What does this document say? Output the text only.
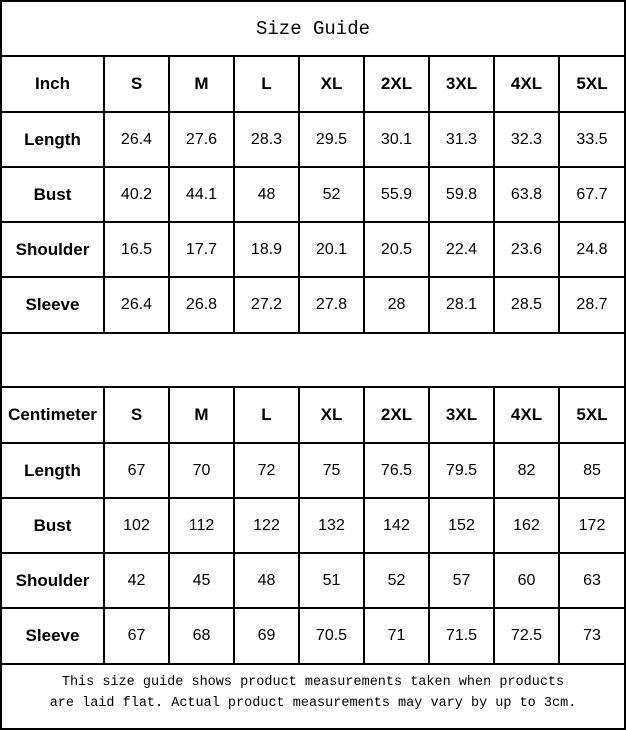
Size Guide
Inch	S	M	L	XL	2XL	3XL	4XL	5XL
Length	26.4	27.6	28.3	29.5	30.1	31.3	32.3	33.5
Bust	40.2	44.1	48	52	55.9	59.8	63.8	67.7
Shoulder	16.5	17.7	18.9	20.1	20.5	22.4	23.6	24.8
Sleeve	26.4	26.8	27.2	27.8	28	28.1	28.5	28.7
Centimeter	S	M	L	XL	2XL	3XL	4XL	5XL
Length	67	70	72	75	76.5	79.5	82	85
Bust	102	112	122	132	142	152	162	172
Shoulder	42	45	48	51	52	57	60	63
Sleeve	67	68	69	70.5	71	71.5	72.5	73
This size guide shows product measurements taken when products
are laid flat. Actual product measurements may vary by up to 3cm.
